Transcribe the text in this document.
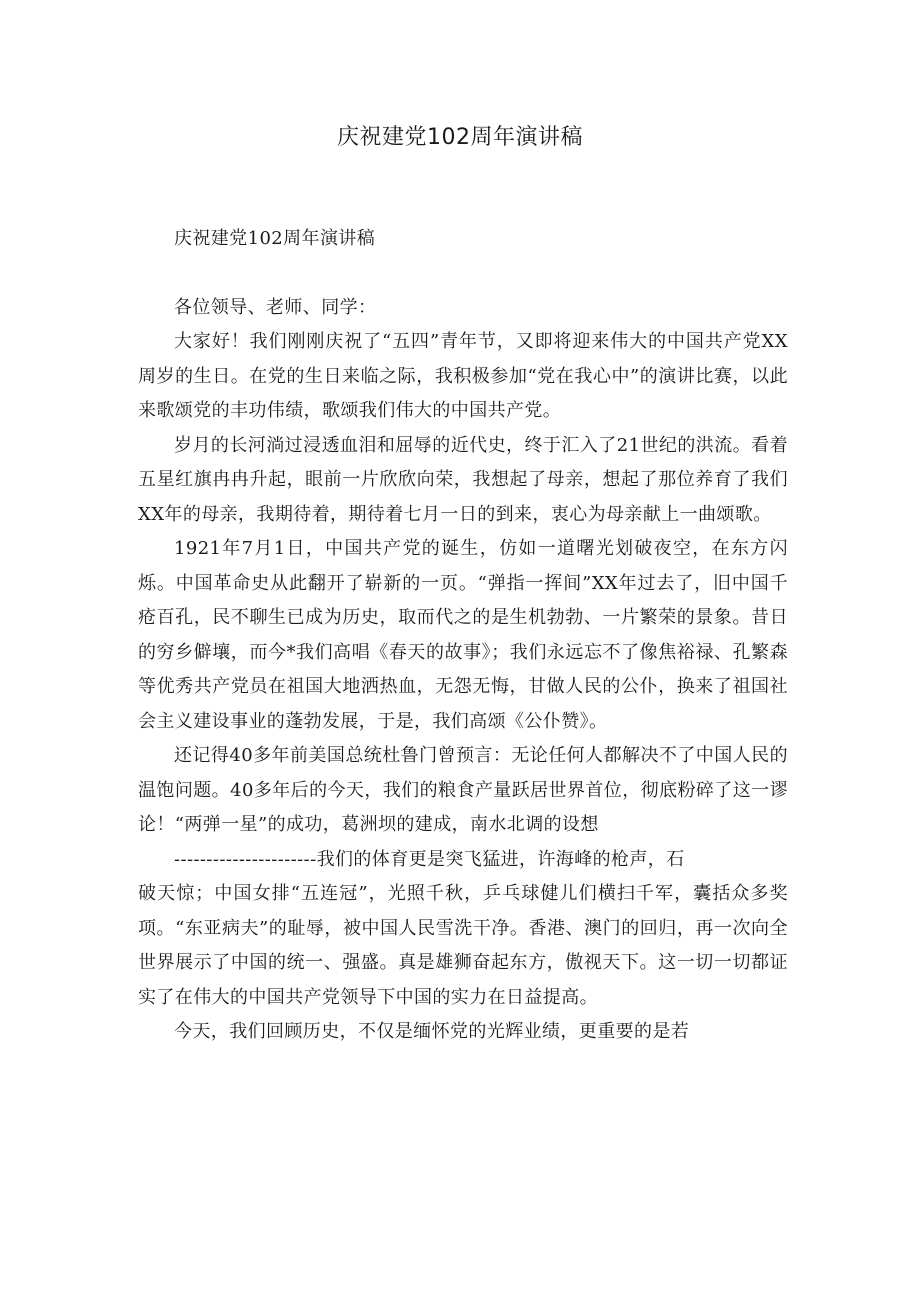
庆祝建党102周年演讲稿

庆祝建党102周年演讲稿

各位领导、老师、同学：

大家好！我们刚刚庆祝了“五四”青年节，又即将迎来伟大的中国共产党XX周岁的生日。在党的生日来临之际，我积极参加“党在我心中”的演讲比赛，以此来歌颂党的丰功伟绩，歌颂我们伟大的中国共产党。

岁月的长河淌过浸透血泪和屈辱的近代史，终于汇入了21世纪的洪流。看着五星红旗冉冉升起，眼前一片欣欣向荣，我想起了母亲，想起了那位养育了我们XX年的母亲，我期待着，期待着七月一日的到来，衷心为母亲献上一曲颂歌。

1921年7月1日，中国共产党的诞生，仿如一道曙光划破夜空，在东方闪烁。中国革命史从此翻开了崭新的一页。“弹指一挥间”XX年过去了，旧中国千疮百孔，民不聊生已成为历史，取而代之的是生机勃勃、一片繁荣的景象。昔日的穷乡僻壤，而今*我们高唱《春天的故事》；我们永远忘不了像焦裕禄、孔繁森等优秀共产党员在祖国大地洒热血，无怨无悔，甘做人民的公仆，换来了祖国社会主义建设事业的蓬勃发展，于是，我们高颂《公仆赞》。

还记得40多年前美国总统杜鲁门曾预言：无论任何人都解决不了中国人民的温饱问题。40多年后的今天，我们的粮食产量跃居世界首位，彻底粉碎了这一谬论！“两弹一星”的成功，葛洲坝的建成，南水北调的设想

----------------------我们的体育更是突飞猛进，许海峰的枪声，石

破天惊；中国女排“五连冠”，光照千秋，乒乓球健儿们横扫千军，囊括众多奖项。“东亚病夫”的耻辱，被中国人民雪洗干净。香港、澳门的回归，再一次向全世界展示了中国的统一、强盛。真是雄狮奋起东方，傲视天下。这一切一切都证实了在伟大的中国共产党领导下中国的实力在日益提高。

今天，我们回顾历史，不仅是缅怀党的光辉业绩，更重要的是若
